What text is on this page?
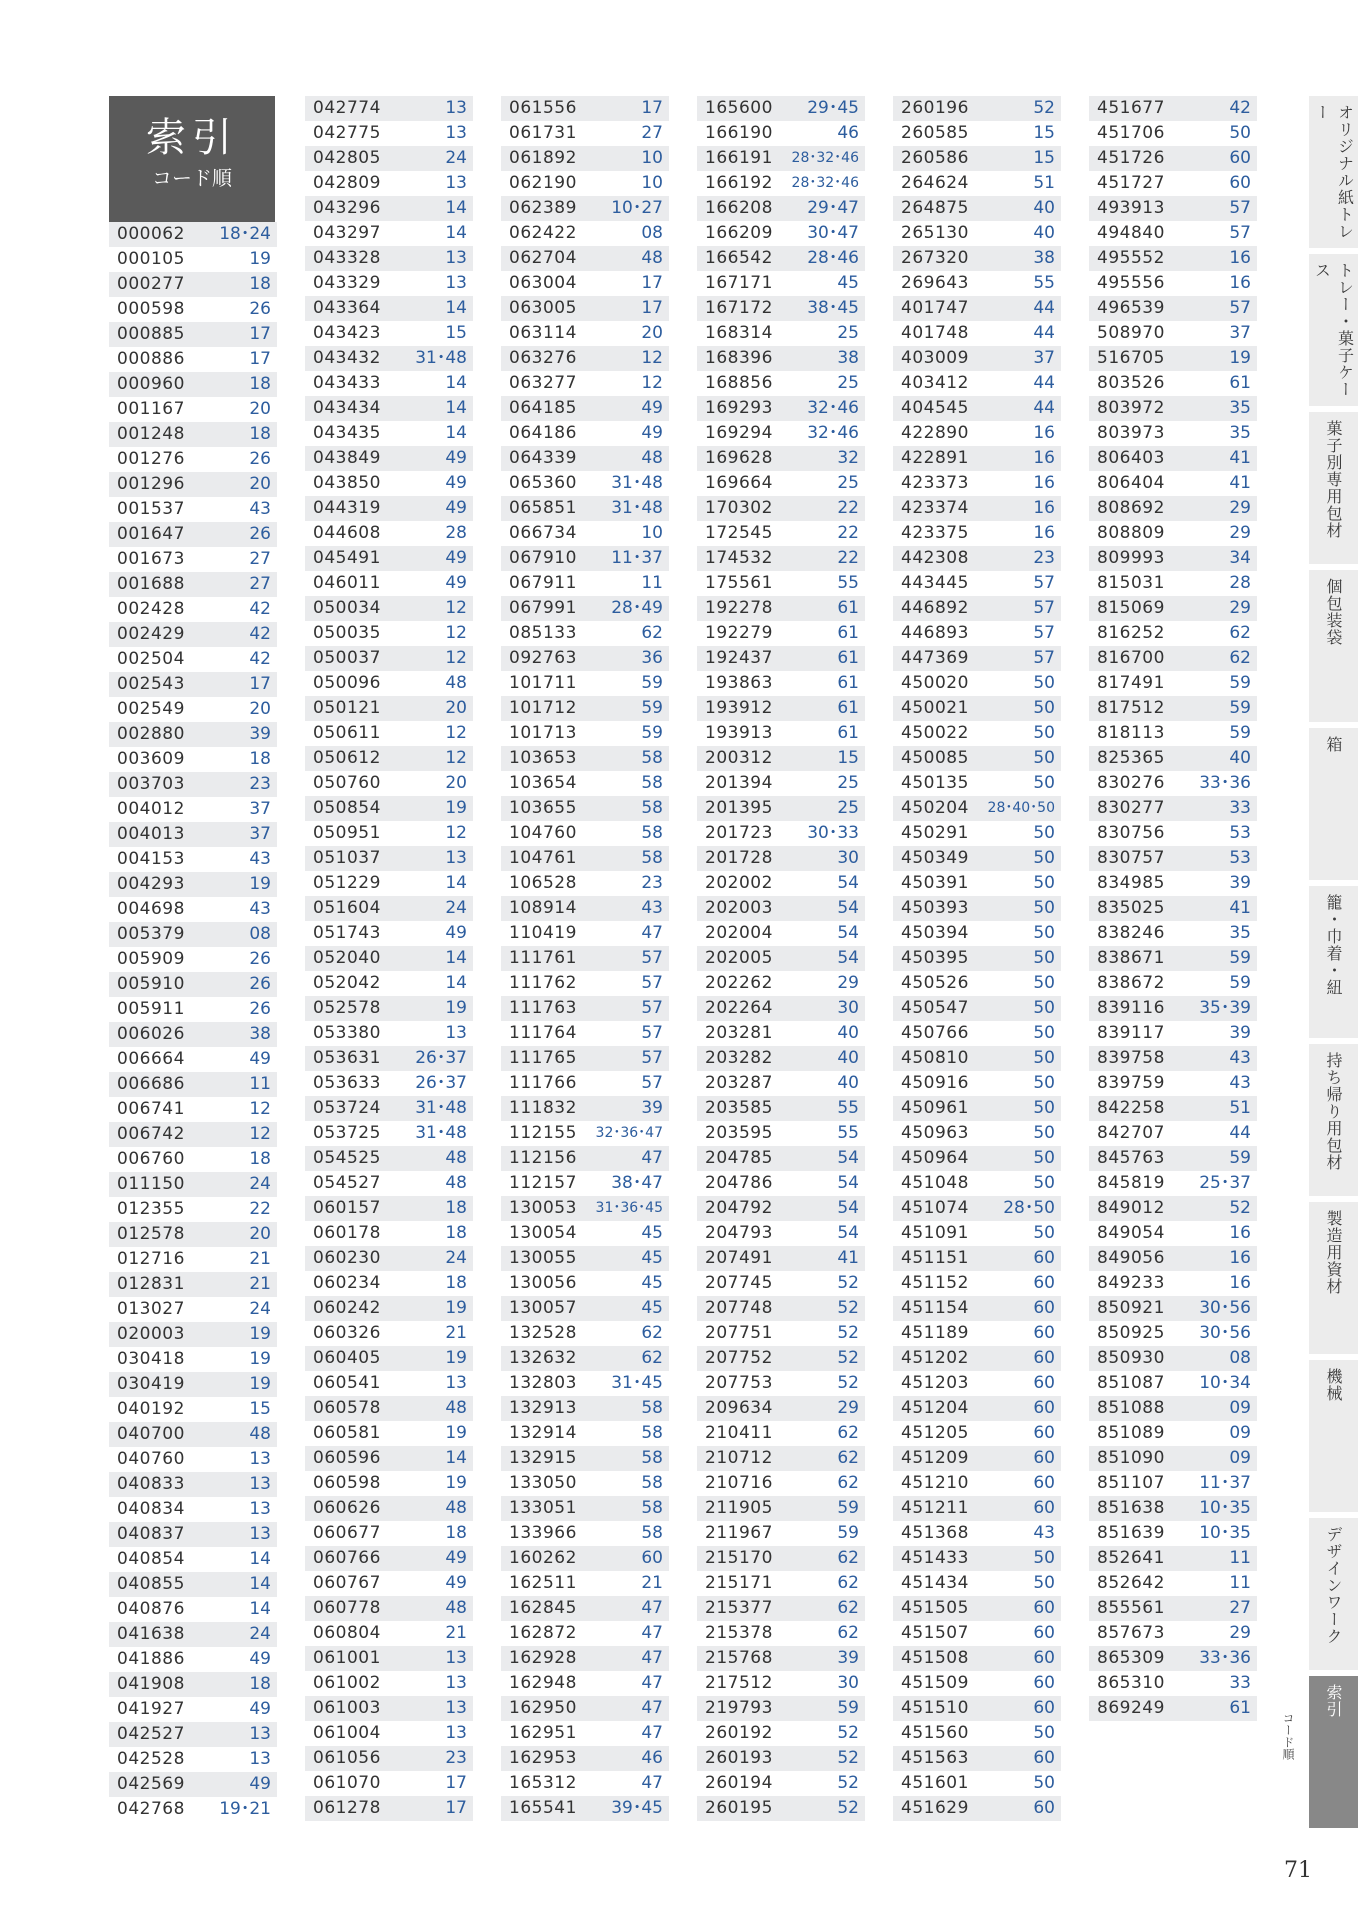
索引
コード順
000062 18･24
000105	19
000277	18
000598	26
000885	17
000886	17
000960	18
001167	20
001248	18
001276	26
001296	20
001537	43
001647	26
001673	27
001688	27
002428	42
002429	42
002504	42
002543	17
002549	20
002880	39
003609	18
003703	23
004012	37
004013	37
004153	43
004293	19
004698	43
005379	08
005909	26
005910	26
005911	26
006026	38
006664	49
006686	11
006741	12
006742	12
006760	18
011150	24
012355	22
012578	20
012716	21
012831	21
013027	24
020003	19
030418	19
030419	19
040192	15
040700	48
040760	13
040833	13
040834	13
040837	13
040854	14
040855	14
040876	14
041638	24
041886	49
041908	18
041927	49
042527	13
042528	13
042569	49
042768 19･21
042774	13
042775	13
042805	24
042809	13
043296	14
043297	14
043328	13
043329	13
043364	14
043423	15
043432 31･48
043433	14
043434	14
043435	14
043849	49
043850	49
044319	49
044608	28
045491	49
046011	49
050034	12
050035	12
050037	12
050096	48
050121	20
050611	12
050612	12
050760	20
050854	19
050951	12
051037	13
051229	14
051604	24
051743	49
052040	14
052042	14
052578	19
053380	13
053631 26･37
053633 26･37
053724 31･48
053725 31･48
054525	48
054527	48
060157	18
060178	18
060230	24
060234	18
060242	19
060326	21
060405	19
060541	13
060578	48
060581	19
060596	14
060598	19
060626	48
060677	18
060766	49
060767	49
060778	48
060804	21
061001	13
061002	13
061003	13
061004	13
061056	23
061070	17
061278	17
061556	17
061731	27
061892	10
062190	10
062389 10･27
062422	08
062704	48
063004	17
063005	17
063114	20
063276	12
063277	12
064185	49
064186	49
064339	48
065360 31･48
065851 31･48
066734	10
067910 11･37
067911	11
067991 28･49
085133	62
092763	36
101711	59
101712	59
101713	59
103653	58
103654	58
103655	58
104760	58
104761	58
106528	23
108914	43
110419	47
111761	57
111762	57
111763	57
111764	57
111765	57
111766	57
111832	39
112155 32･36･47
112156	47
112157 38･47
130053 31･36･45
130054	45
130055	45
130056	45
130057	45
132528	62
132632	62
132803 31･45
132913	58
132914	58
132915	58
133050	58
133051	58
133966	58
160262	60
162511	21
162845	47
162872	47
162928	47
162948	47
162950	47
162951	47
162953	46
165312	47
165541 39･45
165600 29･45
166190	46
166191 28･32･46
166192 28･32･46
166208 29･47
166209 30･47
166542 28･46
167171	45
167172 38･45
168314	25
168396	38
168856	25
169293 32･46
169294 32･46
169628	32
169664	25
170302	22
172545	22
174532	22
175561	55
192278	61
192279	61
192437	61
193863	61
193912	61
193913	61
200312	15
201394	25
201395	25
201723 30･33
201728	30
202002	54
202003	54
202004	54
202005	54
202262	29
202264	30
203281	40
203282	40
203287	40
203585	55
203595	55
204785	54
204786	54
204792	54
204793	54
207491	41
207745	52
207748	52
207751	52
207752	52
207753	52
209634	29
210411	62
210712	62
210716	62
211905	59
211967	59
215170	62
215171	62
215377	62
215378	62
215768	39
217512	30
219793	59
260192	52
260193	52
260194	52
260195	52
260196	52
260585	15
260586	15
264624	51
264875	40
265130	40
267320	38
269643	55
401747	44
401748	44
403009	37
403412	44
404545	44
422890	16
422891	16
423373	16
423374	16
423375	16
442308	23
443445	57
446892	57
446893	57
447369	57
450020	50
450021	50
450022	50
450085	50
450135	50
450204 28･40･50
450291	50
450349	50
450391	50
450393	50
450394	50
450395	50
450526	50
450547	50
450766	50
450810	50
450916	50
450961	50
450963	50
450964	50
451048	50
451074 28･50
451091	50
451151	60
451152	60
451154	60
451189	60
451202	60
451203	60
451204	60
451205	60
451209	60
451210	60
451211	60
451368	43
451433	50
451434	50
451505	60
451507	60
451508	60
451509	60
451510	60
451560	50
451563	60
451601	50
451629	60
451677	42
451706	50
451726	60
451727	60
493913	57
494840	57
495552	16
495556	16
496539	57
508970	37
516705	19
803526	61
803972	35
803973	35
806403	41
806404	41
808692	29
808809	29
809993	34
815031	28
815069	29
816252	62
816700	62
817491	59
817512	59
818113	59
825365	40
830276 33･36
830277	33
830756	53
830757	53
834985	39
835025	41
838246	35
838671	59
838672	59
839116 35･39
839117	39
839758	43
839759	43
842258	51
842707	44
845763	59
845819 25･37
849012	52
849054	16
849056	16
849233	16
850921 30･56
850925 30･56
850930	08
851087 10･34
851088	09
851089	09
851090	09
851107 11･37
851638 10･35
851639 10･35
852641	11
852642	11
855561	27
857673	29
865309 33･36
865310	33
869249	61
オリジナル紙トレー
トレー・菓子ケース
菓子別専用包材
個包装袋
箱
籠・巾着・紐
持ち帰り用包材
製造用資材
機械
デザインワーク
索引
コード順
71
